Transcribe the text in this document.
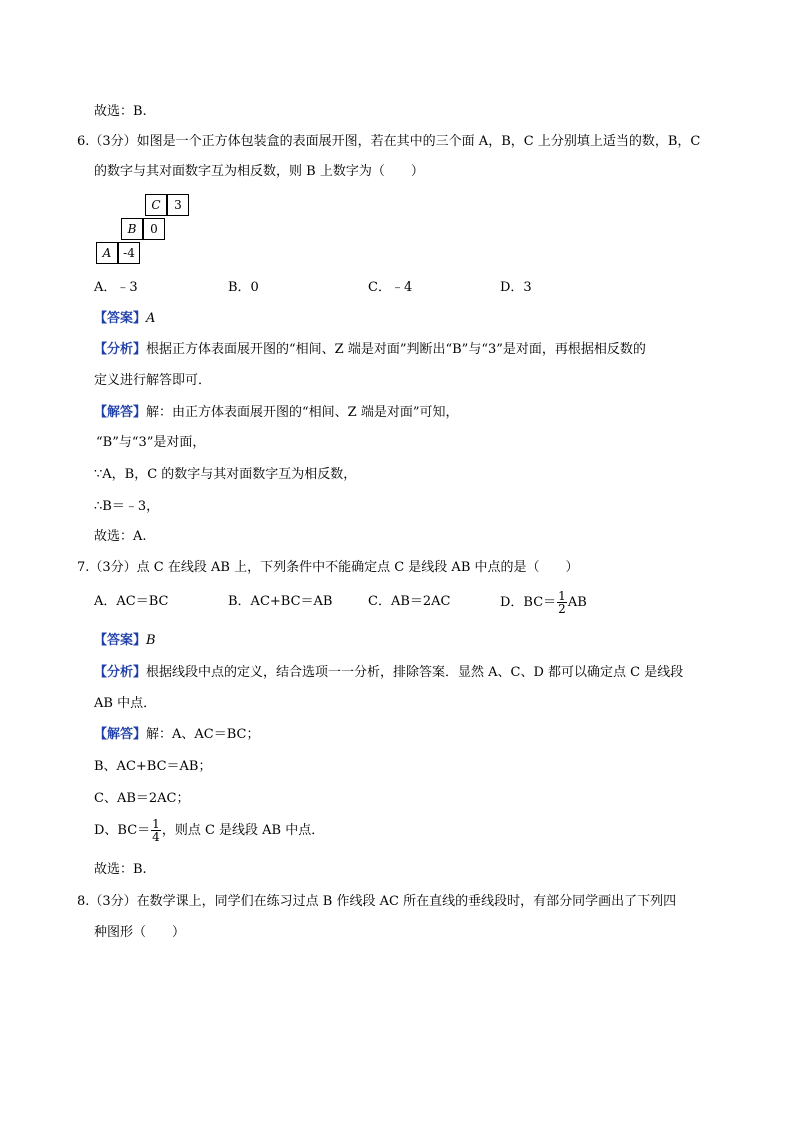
故选：B.
6.（3分）如图是一个正方体包装盒的表面展开图，若在其中的三个面 A，B，C 上分别填上适当的数，B，C
的数字与其对面数字互为相反数，则 B 上数字为（　　）
C	3
B	0
A -4
A．﹣3	B．0	C．﹣4	D．3
【答案】A
【分析】根据正方体表面展开图的“相间、Z 端是对面”判断出“B”与“3”是对面，再根据相反数的
定义进行解答即可．
【解答】解：由正方体表面展开图的“相间、Z 端是对面”可知，
“B”与“3”是对面，
∵A，B，C 的数字与其对面数字互为相反数，
∴B＝﹣3，
故选：A.
7.（3分）点 C 在线段 AB 上，下列条件中不能确定点 C 是线段 AB 中点的是（　　）
A．AC＝BC	B．AC+BC＝AB	C．AB＝2AC	D．$BC= \frac{1}{2}$ AB
【答案】B
【分析】根据线段中点的定义，结合选项一一分析，排除答案．显然 A、C、D 都可以确定点 C 是线段
AB 中点．
【解答】解：A、AC＝BC；
B、AC+BC＝AB；
C、AB＝2AC；
D、$BC= \frac{1}{4}$ ，则点 C 是线段 AB 中点．
故选：B.
8.（3分）在数学课上，同学们在练习过点 B 作线段 AC 所在直线的垂线段时，有部分同学画出了下列四
种图形（　　）
